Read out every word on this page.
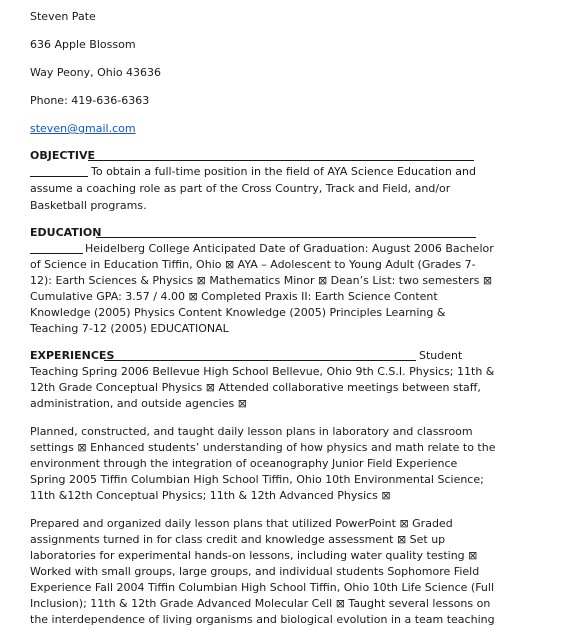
Steven Pate
636 Apple Blossom
Way Peony, Ohio 43636
Phone: 419-636-6363
steven@gmail.com
OBJECTIVE
To obtain a full-time position in the field of AYA Science Education and
assume a coaching role as part of the Cross Country, Track and Field, and/or
Basketball programs.
EDUCATION
Heidelberg College Anticipated Date of Graduation: August 2006 Bachelor
of Science in Education Tiffin, Ohio ⊠ AYA – Adolescent to Young Adult (Grades 7-
12): Earth Sciences & Physics ⊠ Mathematics Minor ⊠ Dean’s List: two semesters ⊠
Cumulative GPA: 3.57 / 4.00 ⊠ Completed Praxis II: Earth Science Content
Knowledge (2005) Physics Content Knowledge (2005) Principles Learning &
Teaching 7-12 (2005) EDUCATIONAL
EXPERIENCES	Student
Teaching Spring 2006 Bellevue High School Bellevue, Ohio 9th C.S.I. Physics; 11th &
12th Grade Conceptual Physics ⊠ Attended collaborative meetings between staff,
administration, and outside agencies ⊠
Planned, constructed, and taught daily lesson plans in laboratory and classroom
settings ⊠ Enhanced students’ understanding of how physics and math relate to the
environment through the integration of oceanography Junior Field Experience
Spring 2005 Tiffin Columbian High School Tiffin, Ohio 10th Environmental Science;
11th &12th Conceptual Physics; 11th & 12th Advanced Physics ⊠
Prepared and organized daily lesson plans that utilized PowerPoint ⊠ Graded
assignments turned in for class credit and knowledge assessment ⊠ Set up
laboratories for experimental hands-on lessons, including water quality testing ⊠
Worked with small groups, large groups, and individual students Sophomore Field
Experience Fall 2004 Tiffin Columbian High School Tiffin, Ohio 10th Life Science (Full
Inclusion); 11th & 12th Grade Advanced Molecular Cell ⊠ Taught several lessons on
the interdependence of living organisms and biological evolution in a team teaching
